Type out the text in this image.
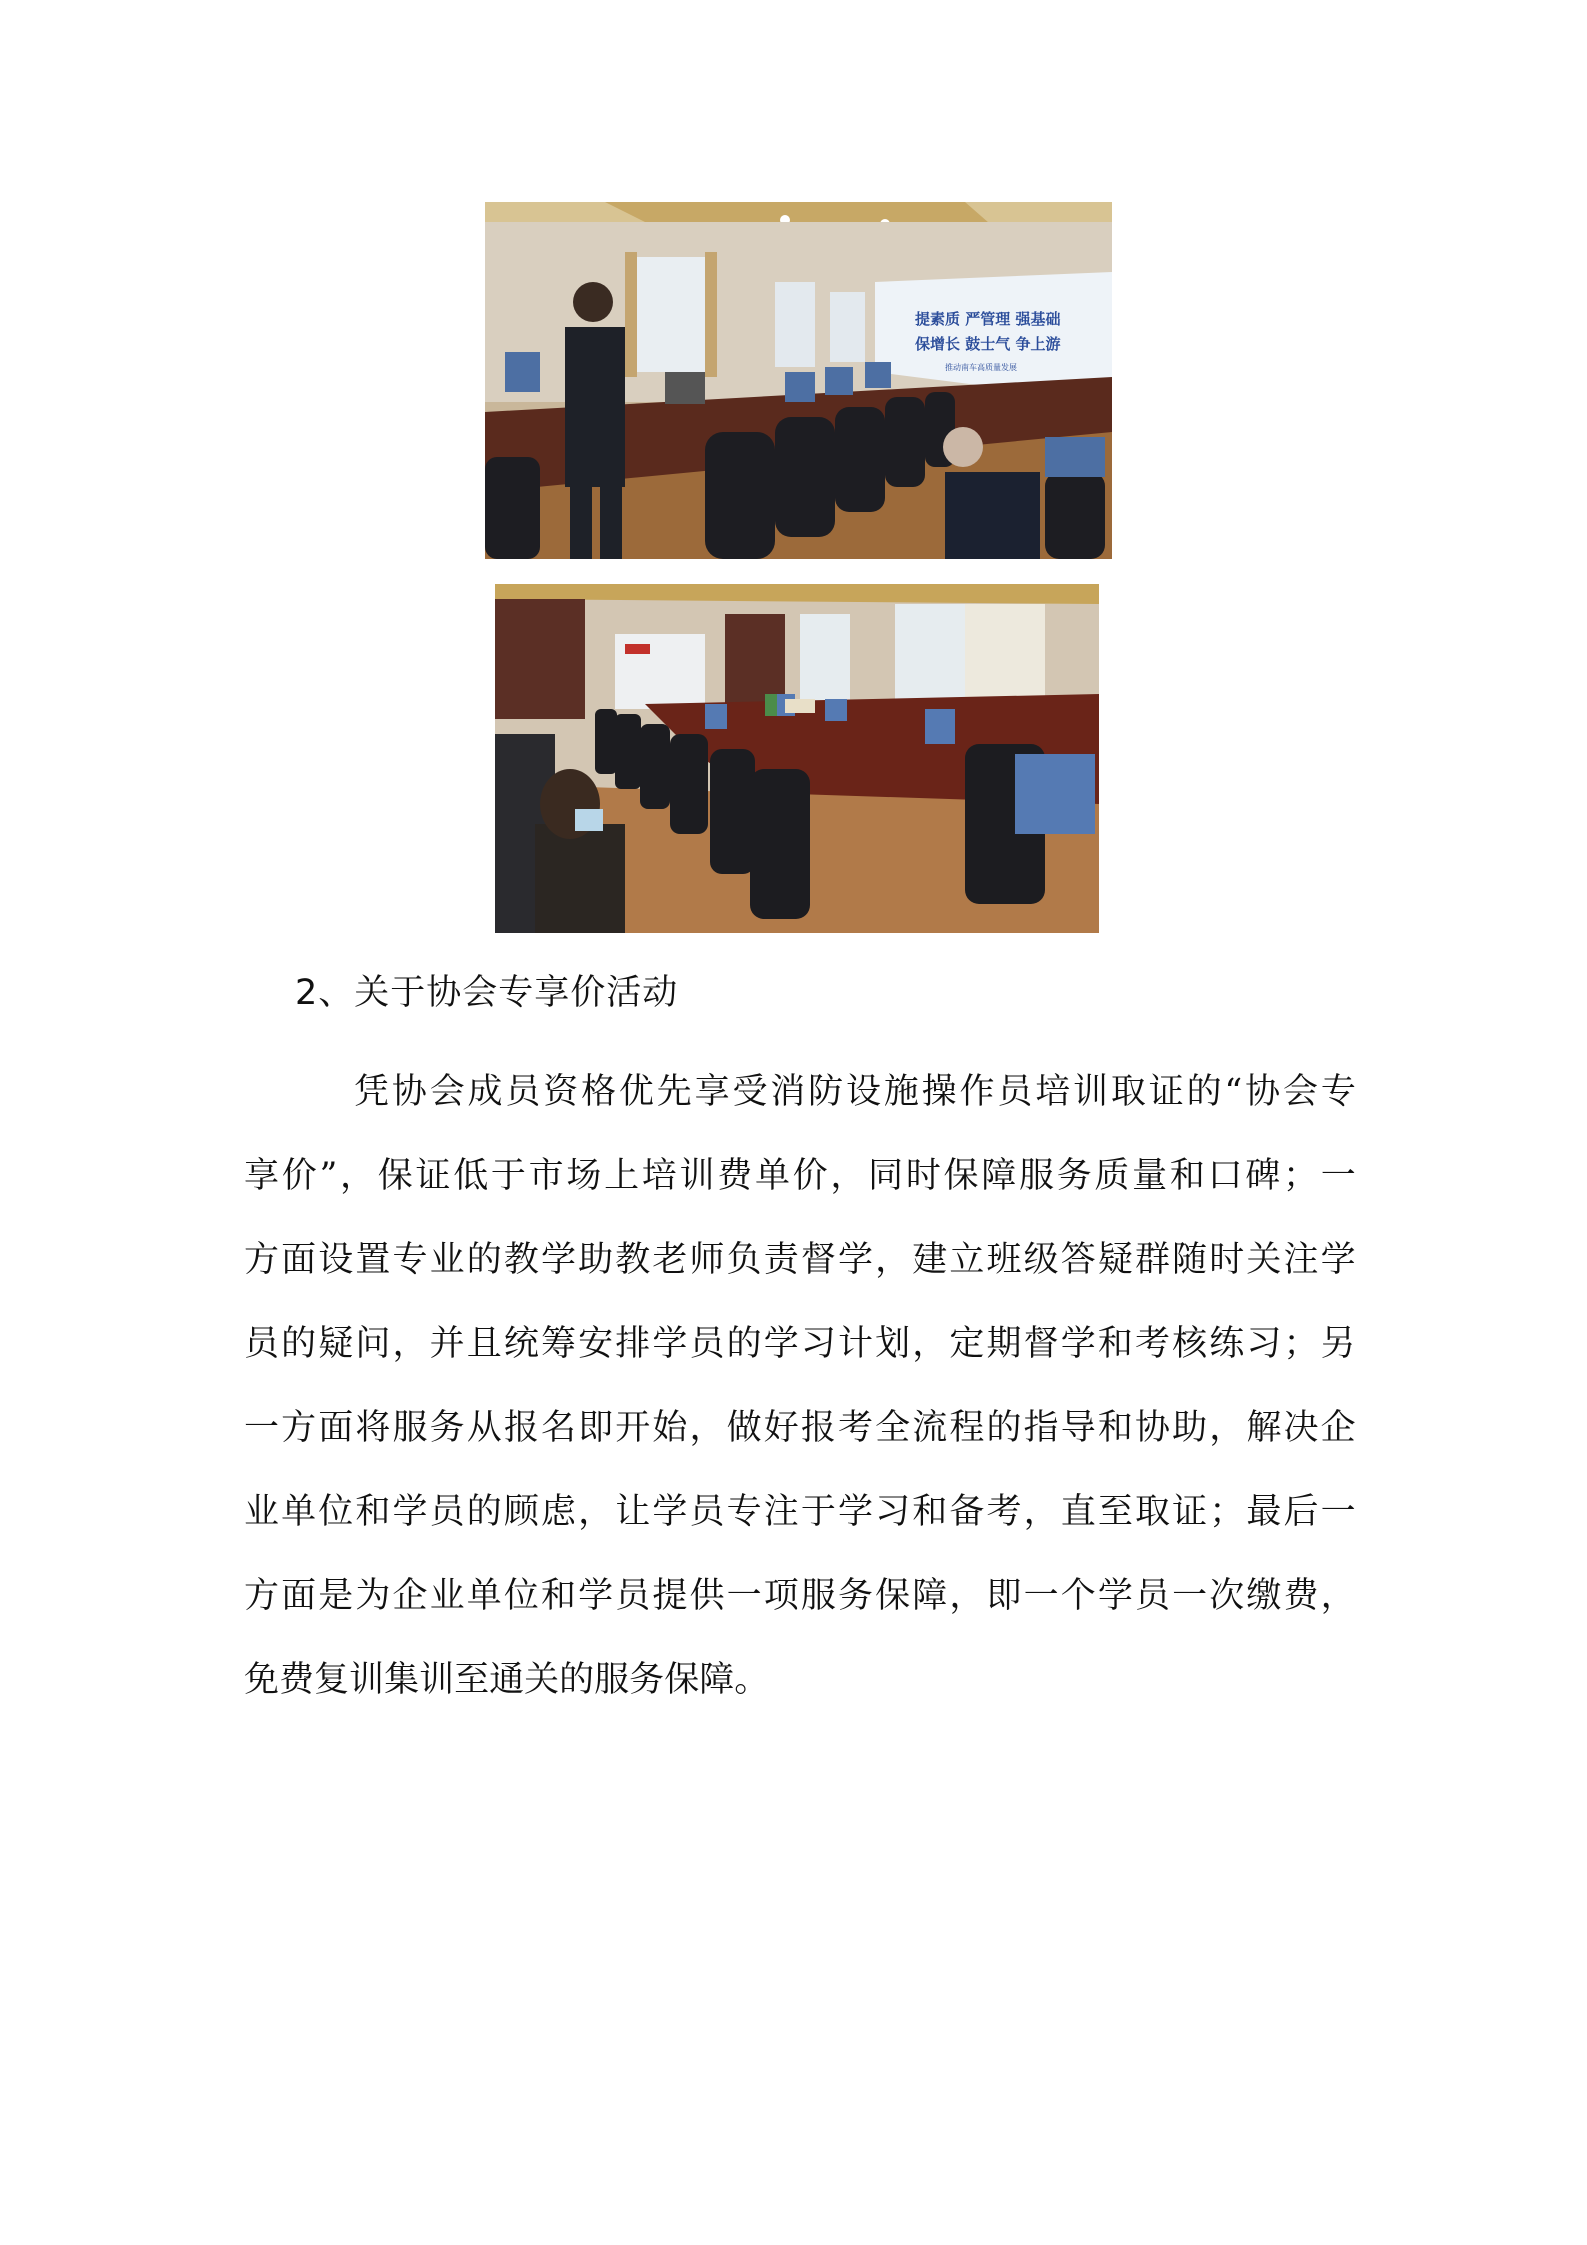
提素质 严管理 强基础
保增长 鼓士气 争上游
推动南车高质量发展
2、关于协会专享价活动
凭 协 会 成 员 资 格 优 先 享 受 消 防 设 施 操 作 员 培 训 取 证 的 “ 协 会 专
享 价 ” ， 保 证 低 于 市 场 上 培 训 费 单 价 ， 同 时 保 障 服 务 质 量 和 口 碑 ； 一
方 面 设 置 专 业 的 教 学 助 教 老 师 负 责 督 学 ， 建 立 班 级 答 疑 群 随 时 关 注 学
员 的 疑 问 ， 并 且 统 筹 安 排 学 员 的 学 习 计 划 ， 定 期 督 学 和 考 核 练 习 ； 另
一 方 面 将 服 务 从 报 名 即 开 始 ， 做 好 报 考 全 流 程 的 指 导 和 协 助 ， 解 决 企
业 单 位 和 学 员 的 顾 虑 ， 让 学 员 专 注 于 学 习 和 备 考 ， 直 至 取 证 ； 最 后 一
方 面 是 为 企 业 单 位 和 学 员 提 供 一 项 服 务 保 障 ， 即 一 个 学 员 一 次 缴 费 ，
免 费 复 训 集 训 至 通 关 的 服 务 保 障 。
